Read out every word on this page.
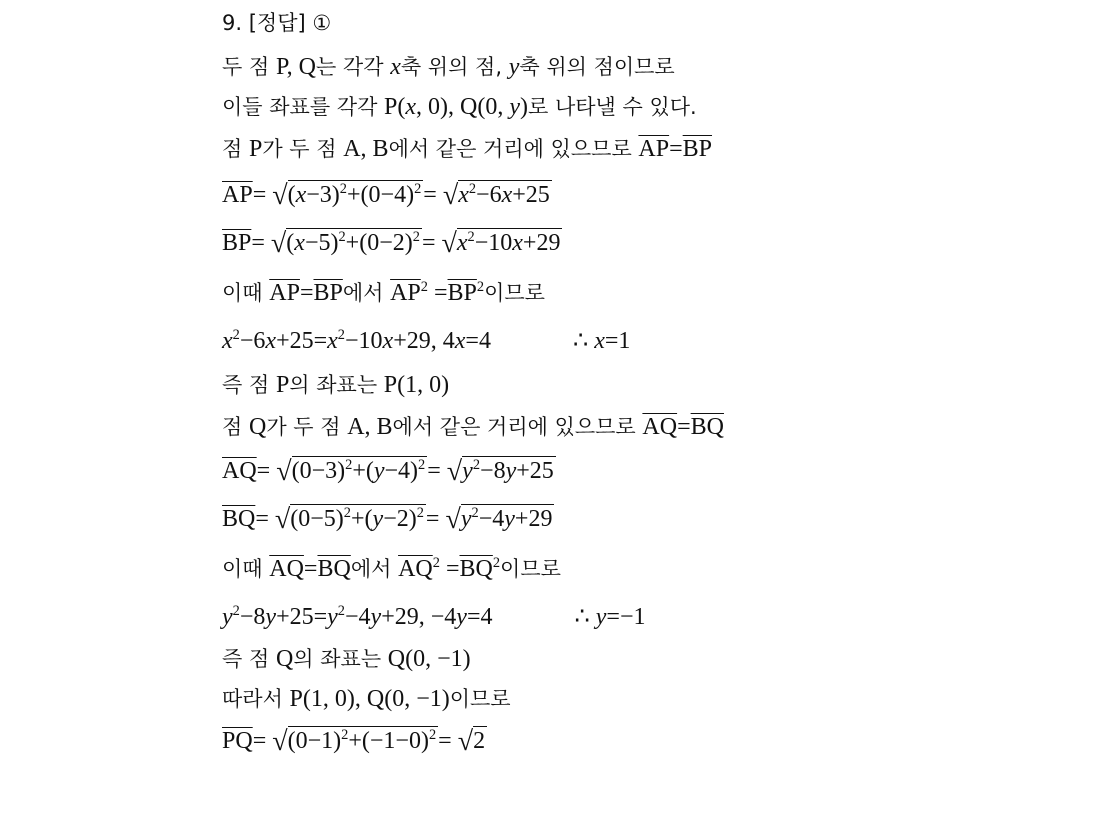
9. [정답] ①
두 점 P, Q는 각각 x축 위의 점, y축 위의 점이므로
이들 좌표를 각각 P(x, 0), Q(0, y)로 나타낼 수 있다.
점 P가 두 점 A, B에서 같은 거리에 있으므로 $\overline{AP}=\overline{BP}$
$\overline{AP}= √(x-3)^2+(0-4)^2= √x^2-6x+25$
$\overline{BP}= √(x-5)^2+(0-2)^2= √x^2-10x+29$
이때 $\overline{AP}=\overline{BP}$에서 $\overline{AP}^2 =\overline{BP}^2$이므로
$x^2-6x+25=x^2-10x+29$, 4x=4	∴ x=1
즉 점 P의 좌표는 P(1, 0)
점 Q가 두 점 A, B에서 같은 거리에 있으므로 $\overline{AQ}=\overline{BQ}$
$\overline{AQ}= √(0-3)^2+(y-4)^2= √y^2-8y+25$
$\overline{BQ}= √(0-5)^2+(y-2)^2= √y^2-4y+29$
이때 $\overline{AQ}=\overline{BQ}$에서 $\overline{AQ}^2 =\overline{BQ}^2$이므로
$y^2-8y+25=y^2-4y+29$, −4y=4	∴ y=−1
즉 점 Q의 좌표는 Q(0, −1)
따라서 P(1, 0), Q(0, −1)이므로
$\overline{PQ}= √(0-1)^2+(-1-0)^2= √2$
